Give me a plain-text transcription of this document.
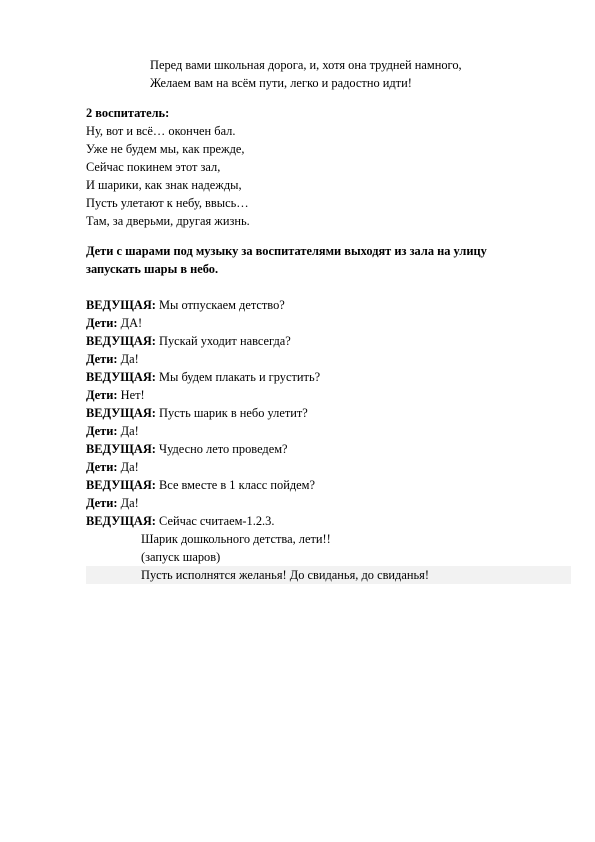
Перед вами школьная дорога, и, хотя она трудней намного,
Желаем вам на всём пути, легко и радостно идти!
2 воспитатель:
Ну, вот и всё… окончен бал.
Уже не будем мы, как прежде,
Сейчас покинем этот зал,
И шарики, как знак надежды,
Пусть улетают к небу, ввысь…
Там, за дверьми, другая жизнь.
Дети с шарами под музыку за воспитателями выходят из зала на улицу
запускать шары в небо.
ВЕДУЩАЯ: Мы отпускаем детство?
Дети: ДА!
ВЕДУЩАЯ: Пускай уходит навсегда?
Дети: Да!
ВЕДУЩАЯ: Мы будем плакать и грустить?
Дети: Нет!
ВЕДУЩАЯ: Пусть шарик в небо улетит?
Дети: Да!
ВЕДУЩАЯ: Чудесно лето проведем?
Дети: Да!
ВЕДУЩАЯ: Все вместе в 1 класс пойдем?
Дети: Да!
ВЕДУЩАЯ: Сейчас считаем-1.2.3.
Шарик дошкольного детства, лети!!
(запуск шаров)
Пусть исполнятся желанья! До свиданья, до свиданья!
